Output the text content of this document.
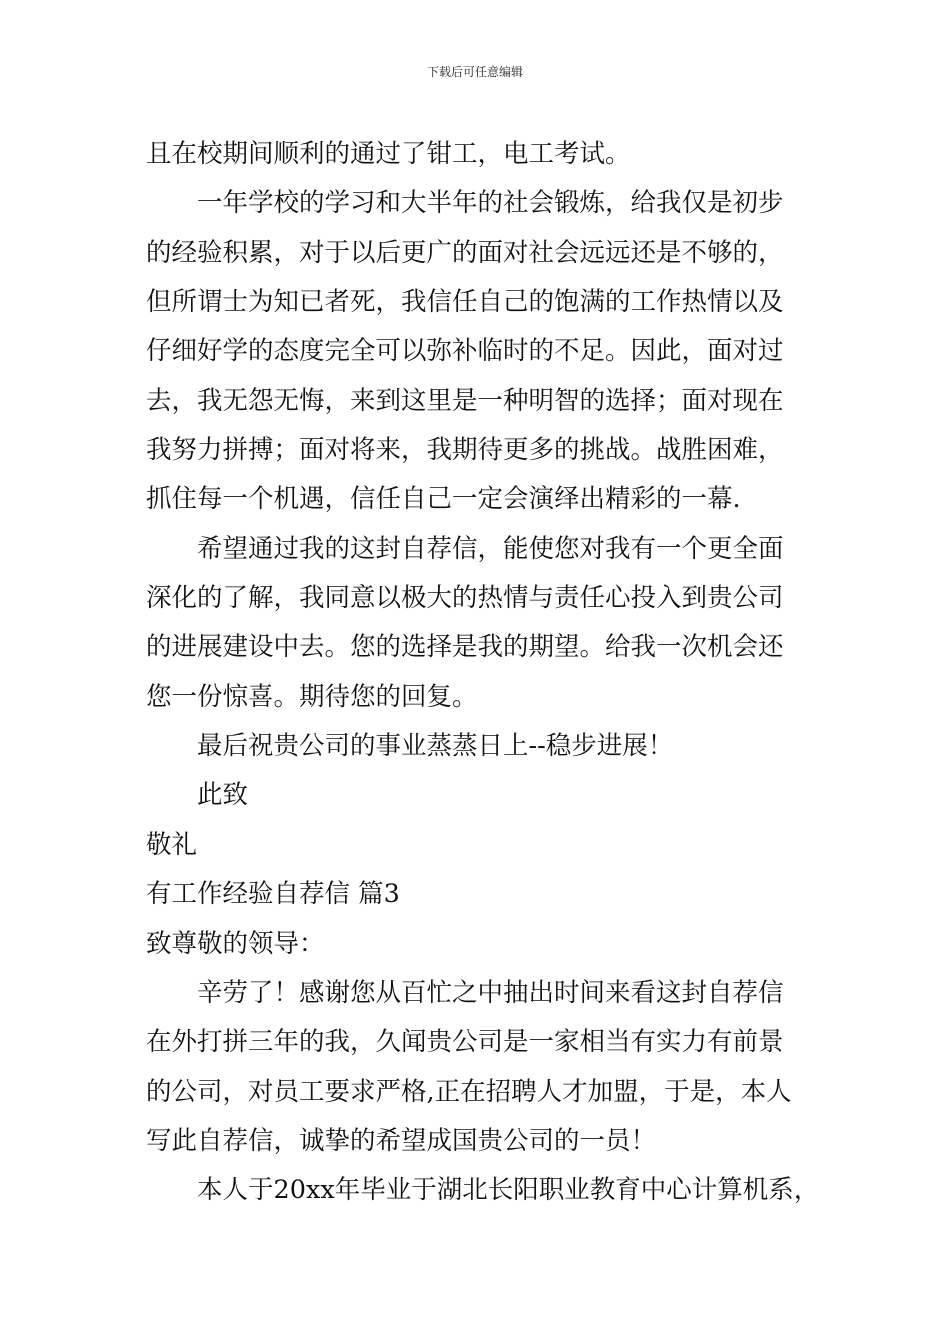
下载后可任意编辑
且在校期间顺利的通过了钳工，电工考试。
一年学校的学习和大半年的社会锻炼，给我仅是初步
的经验积累，对于以后更广的面对社会远远还是不够的，
但所谓士为知已者死，我信任自己的饱满的工作热情以及
仔细好学的态度完全可以弥补临时的不足。因此，面对过
去，我无怨无悔，来到这里是一种明智的选择；面对现在
我努力拼搏；面对将来，我期待更多的挑战。战胜困难，
抓住每一个机遇，信任自己一定会演绎出精彩的一幕.
希望通过我的这封自荐信，能使您对我有一个更全面
深化的了解，我同意以极大的热情与责任心投入到贵公司
的进展建设中去。您的选择是我的期望。给我一次机会还
您一份惊喜。期待您的回复。
最后祝贵公司的事业蒸蒸日上--稳步进展！
此致
敬礼
有工作经验自荐信 篇3
致尊敬的领导：
辛劳了！感谢您从百忙之中抽出时间来看这封自荐信
在外打拼三年的我，久闻贵公司是一家相当有实力有前景
的公司，对员工要求严格,正在招聘人才加盟，于是，本人
写此自荐信，诚挚的希望成国贵公司的一员！
本人于20xx年毕业于湖北长阳职业教育中心计算机系，
